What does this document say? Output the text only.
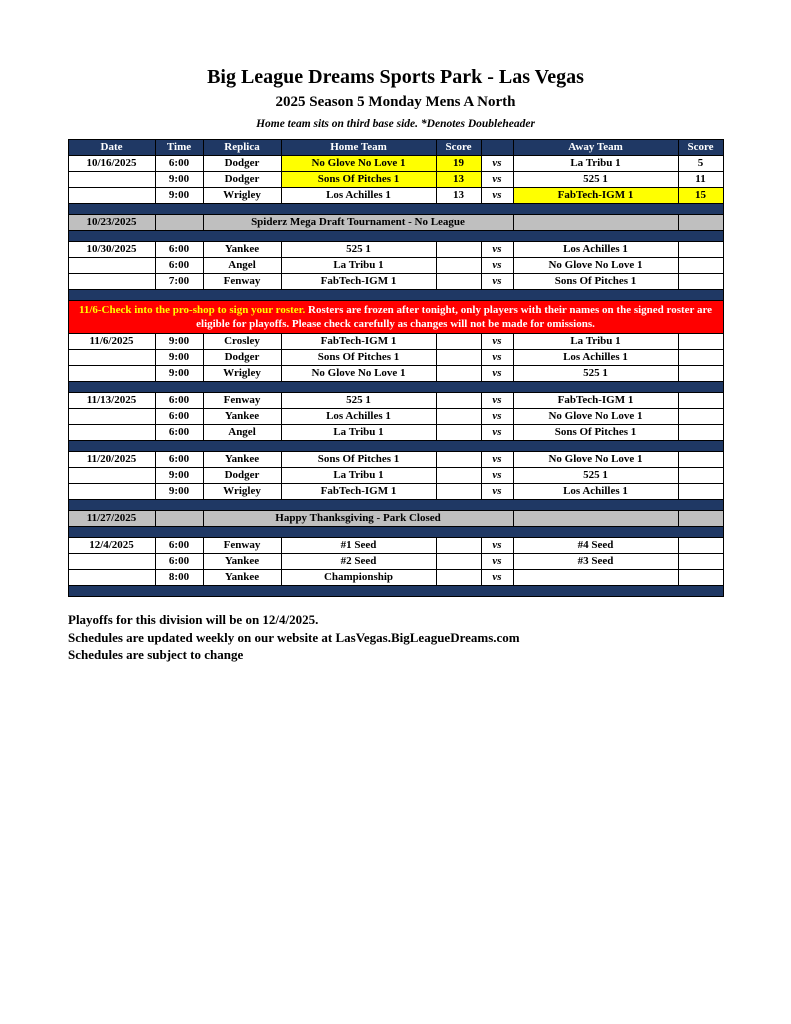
Big League Dreams Sports Park - Las Vegas
2025 Season 5 Monday Mens A North
Home team sits on third base side. *Denotes Doubleheader
Date	Time	Replica	Home Team	Score		Away Team	Score
10/16/2025	6:00	Dodger	No Glove No Love 1	19	vs	La Tribu 1	5
	9:00	Dodger	Sons Of Pitches 1	13	vs	525 1	11
	9:00	Wrigley	Los Achilles 1	13	vs	FabTech-IGM 1	15

10/23/2025		Spiderz Mega Draft Tournament - No League					

10/30/2025	6:00	Yankee	525 1		vs	Los Achilles 1	
	6:00	Angel	La Tribu 1		vs	No Glove No Love 1	
	7:00	Fenway	FabTech-IGM 1		vs	Sons Of Pitches 1	

11/6-Check into the pro-shop to sign your roster. Rosters are frozen after tonight, only players with their names on the signed roster are eligible for playoffs. Please check carefully as changes will not be made for omissions.							
11/6/2025	9:00	Crosley	FabTech-IGM 1		vs	La Tribu 1	
	9:00	Dodger	Sons Of Pitches 1		vs	Los Achilles 1	
	9:00	Wrigley	No Glove No Love 1		vs	525 1	

11/13/2025	6:00	Fenway	525 1		vs	FabTech-IGM 1	
	6:00	Yankee	Los Achilles 1		vs	No Glove No Love 1	
	6:00	Angel	La Tribu 1		vs	Sons Of Pitches 1	

11/20/2025	6:00	Yankee	Sons Of Pitches 1		vs	No Glove No Love 1	
	9:00	Dodger	La Tribu 1		vs	525 1	
	9:00	Wrigley	FabTech-IGM 1		vs	Los Achilles 1	

11/27/2025		Happy Thanksgiving - Park Closed					

12/4/2025	6:00	Fenway	#1 Seed		vs	#4 Seed	
	6:00	Yankee	#2 Seed		vs	#3 Seed	
	8:00	Yankee	Championship		vs		

Playoffs for this division will be on 12/4/2025.
Schedules are updated weekly on our website at LasVegas.BigLeagueDreams.com
Schedules are subject to change
